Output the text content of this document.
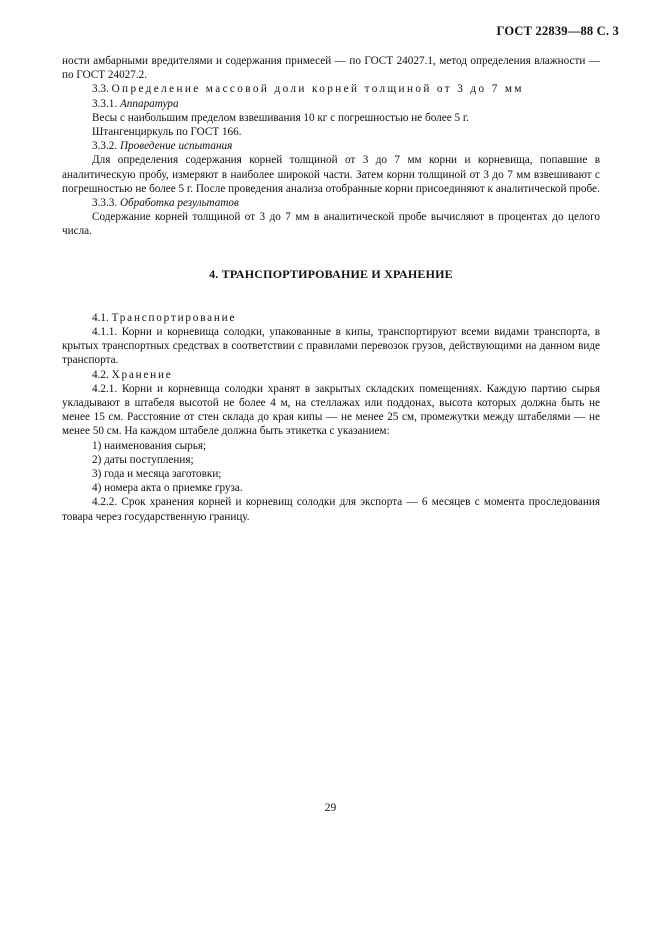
ГОСТ 22839—88 С. 3

ности амбарными вредителями и содержания примесей — по ГОСТ 24027.1, метод определения влажности — по ГОСТ 24027.2.

3.3. Определение массовой доли корней толщиной от 3 до 7 мм

3.3.1. Аппаратура

Весы с наибольшим пределом взвешивания 10 кг с погрешностью не более 5 г.

Штангенциркуль по ГОСТ 166.

3.3.2. Проведение испытания

Для определения содержания корней толщиной от 3 до 7 мм корни и корневища, попавшие в аналитическую пробу, измеряют в наиболее широкой части. Затем корни толщиной от 3 до 7 мм взвешивают с погрешностью не более 5 г. После проведения анализа отобранные корни присоединяют к аналитической пробе.

3.3.3. Обработка результатов

Содержание корней толщиной от 3 до 7 мм в аналитической пробе вычисляют в процентах до целого числа.

4. ТРАНСПОРТИРОВАНИЕ И ХРАНЕНИЕ

4.1. Транспортирование

4.1.1. Корни и корневища солодки, упакованные в кипы, транспортируют всеми видами транспорта, в крытых транспортных средствах в соответствии с правилами перевозок грузов, действующими на данном виде транспорта.

4.2. Хранение

4.2.1. Корни и корневища солодки хранят в закрытых складских помещениях. Каждую партию сырья укладывают в штабеля высотой не более 4 м, на стеллажах или поддонах, высота которых должна быть не менее 15 см. Расстояние от стен склада до края кипы — не менее 25 см, промежутки между штабелями — не менее 50 см. На каждом штабеле должна быть этикетка с указанием:

1) наименования сырья;

2) даты поступления;

3) года и месяца заготовки;

4) номера акта о приемке груза.

4.2.2. Срок хранения корней и корневищ солодки для экспорта — 6 месяцев с момента проследования товара через государственную границу.

29
